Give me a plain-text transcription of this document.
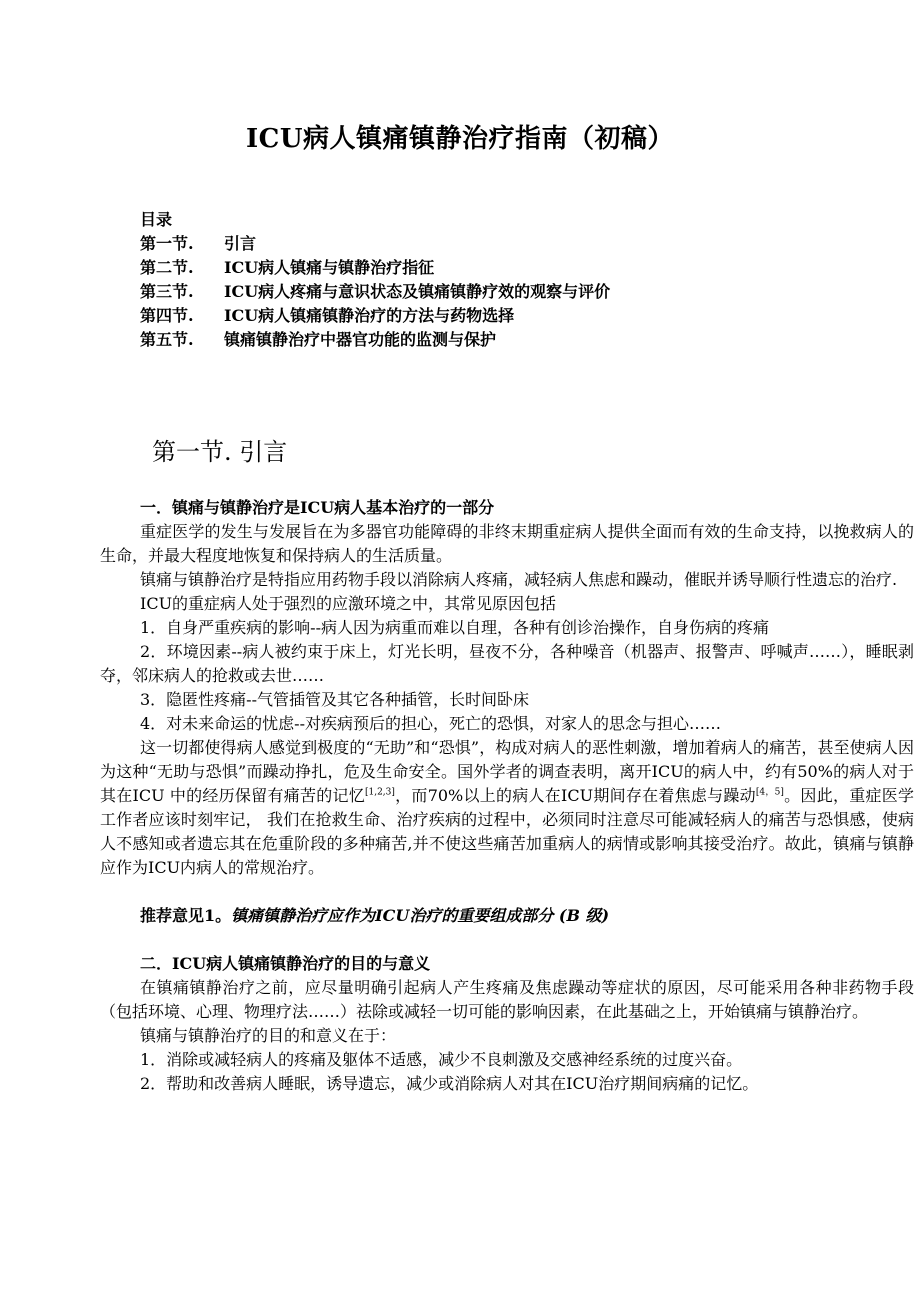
ICU病人镇痛镇静治疗指南（初稿）
目录
第一节.	引言
第二节.	ICU病人镇痛与镇静治疗指征
第三节.	ICU病人疼痛与意识状态及镇痛镇静疗效的观察与评价
第四节.	ICU病人镇痛镇静治疗的方法与药物选择
第五节.	镇痛镇静治疗中器官功能的监测与保护
第一节. 引言
一．镇痛与镇静治疗是ICU病人基本治疗的一部分

重症医学的发生与发展旨在为多器官功能障碍的非终末期重症病人提供全面而有效的生命支持，以挽救病人的生命，并最大程度地恢复和保持病人的生活质量。

镇痛与镇静治疗是特指应用药物手段以消除病人疼痛，减轻病人焦虑和躁动，催眠并诱导顺行性遗忘的治疗.

ICU的重症病人处于强烈的应激环境之中，其常见原因包括

1．自身严重疾病的影响--病人因为病重而难以自理，各种有创诊治操作，自身伤病的疼痛

2．环境因素--病人被约束于床上，灯光长明，昼夜不分，各种噪音（机器声、报警声、呼喊声……），睡眠剥夺，邻床病人的抢救或去世……

3．隐匿性疼痛--气管插管及其它各种插管，长时间卧床

4．对未来命运的忧虑--对疾病预后的担心，死亡的恐惧，对家人的思念与担心……

这一切都使得病人感觉到极度的“无助”和“恐惧”，构成对病人的恶性刺激，增加着病人的痛苦，甚至使病人因为这种“无助与恐惧”而躁动挣扎，危及生命安全。国外学者的调查表明，离开ICU的病人中，约有50%的病人对于其在ICU 中的经历保留有痛苦的记忆[1,2,3]，而70%以上的病人在ICU期间存在着焦虑与躁动[4，5]。因此，重症医学工作者应该时刻牢记， 我们在抢救生命、治疗疾病的过程中，必须同时注意尽可能减轻病人的痛苦与恐惧感，使病人不感知或者遗忘其在危重阶段的多种痛苦,并不使这些痛苦加重病人的病情或影响其接受治疗。故此，镇痛与镇静应作为ICU内病人的常规治疗。

推荐意见1。镇痛镇静治疗应作为ICU治疗的重要组成部分 (B 级)
二．ICU病人镇痛镇静治疗的目的与意义

在镇痛镇静治疗之前，应尽量明确引起病人产生疼痛及焦虑躁动等症状的原因，尽可能采用各种非药物手段（包括环境、心理、物理疗法……）祛除或减轻一切可能的影响因素，在此基础之上，开始镇痛与镇静治疗。

镇痛与镇静治疗的目的和意义在于：

1．消除或减轻病人的疼痛及躯体不适感，减少不良刺激及交感神经系统的过度兴奋。

2．帮助和改善病人睡眠，诱导遗忘，减少或消除病人对其在ICU治疗期间病痛的记忆。
